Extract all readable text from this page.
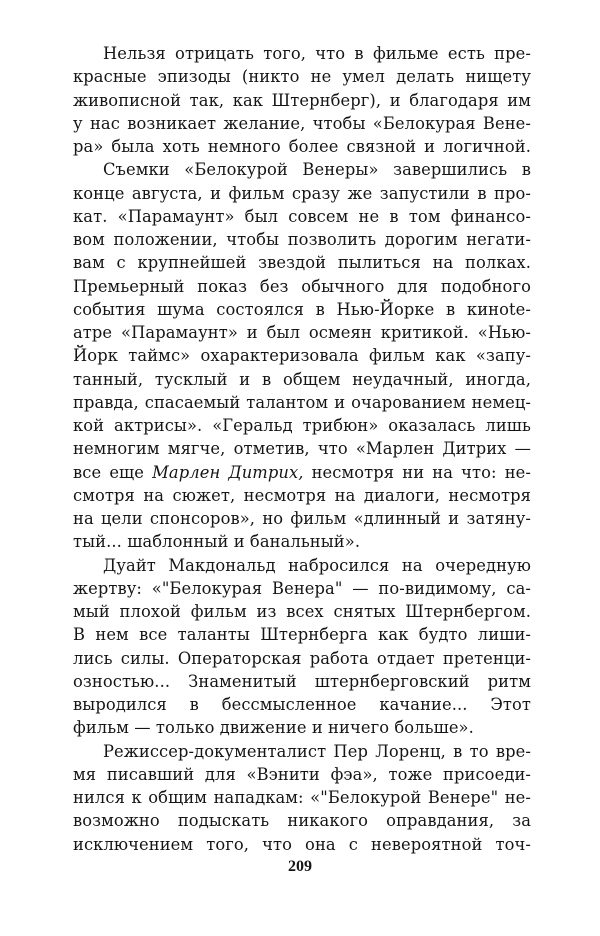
Нельзя отрицать того, что в фильме есть пре-
красные эпизоды (никто не умел делать нищету
живописной так, как Штернберг), и благодаря им
у нас возникает желание, чтобы «Белокурая Вене-
ра» была хоть немного более связной и логичной.
Съемки «Белокурой Венеры» завершились в
конце августа, и фильм сразу же запустили в про-
кат. «Парамаунт» был совсем не в том финансо-
вом положении, чтобы позволить дорогим негати-
вам с крупнейшей звездой пылиться на полках.
Премьерный показ без обычного для подобного
события шума состоялся в Нью-Йорке в кинote-
атре «Парамаунт» и был осмеян критикой. «Нью-
Йорк таймс» охарактеризовала фильм как «запу-
танный, тусклый и в общем неудачный, иногда,
правда, спасаемый талантом и очарованием немец-
кой актрисы». «Геральд трибюн» оказалась лишь
немногим мягче, отметив, что «Марлен Дитрих —
все еще Марлен Дитрих, несмотря ни на что: не-
смотря на сюжет, несмотря на диалоги, несмотря
на цели спонсоров», но фильм «длинный и затяну-
тый... шаблонный и банальный».
Дуайт Макдональд набросился на очередную
жертву: «"Белокурая Венера" — по-видимому, са-
мый плохой фильм из всех снятых Штернбергом.
В нем все таланты Штернберга как будто лиши-
лись силы. Операторская работа отдает претенци-
озностью... Знаменитый штернберговский ритм
выродился в бессмысленное качание... Этот
фильм — только движение и ничего больше».
Режиссер-документалист Пер Лоренц, в то вре-
мя писавший для «Вэнити фэа», тоже присоеди-
нился к общим нападкам: «"Белокурой Венере" не-
возможно подыскать никакого оправдания, за
исключением того, что она с невероятной точ-
209
